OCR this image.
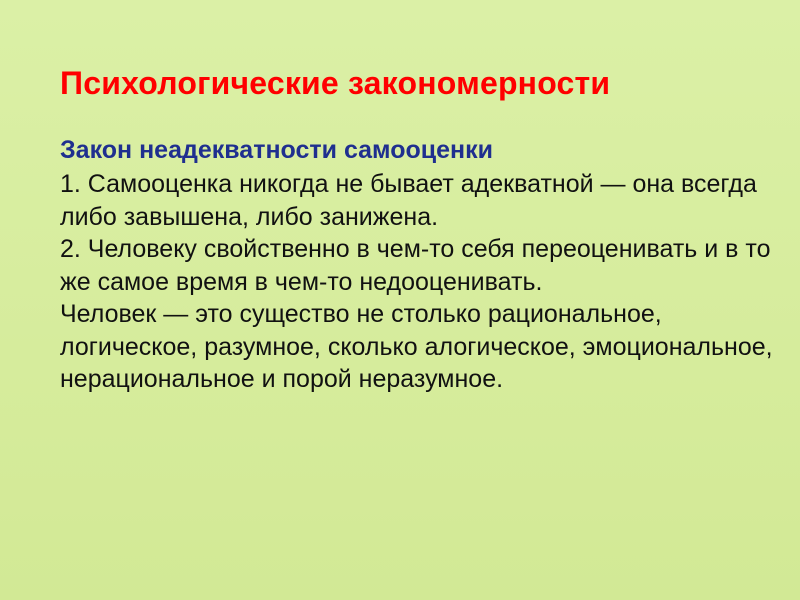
Психологические закономерности

Закон неадекватности самооценки

1. Самооценка никогда не бывает адекватной — она всегда либо завышена, либо занижена.

2. Человеку свойственно в чем-то себя переоценивать и в то же самое время в чем-то недооценивать.

Человек — это существо не столько рациональное, логическое, разумное, сколько алогическое, эмоциональное, нерациональное и порой неразумное.
